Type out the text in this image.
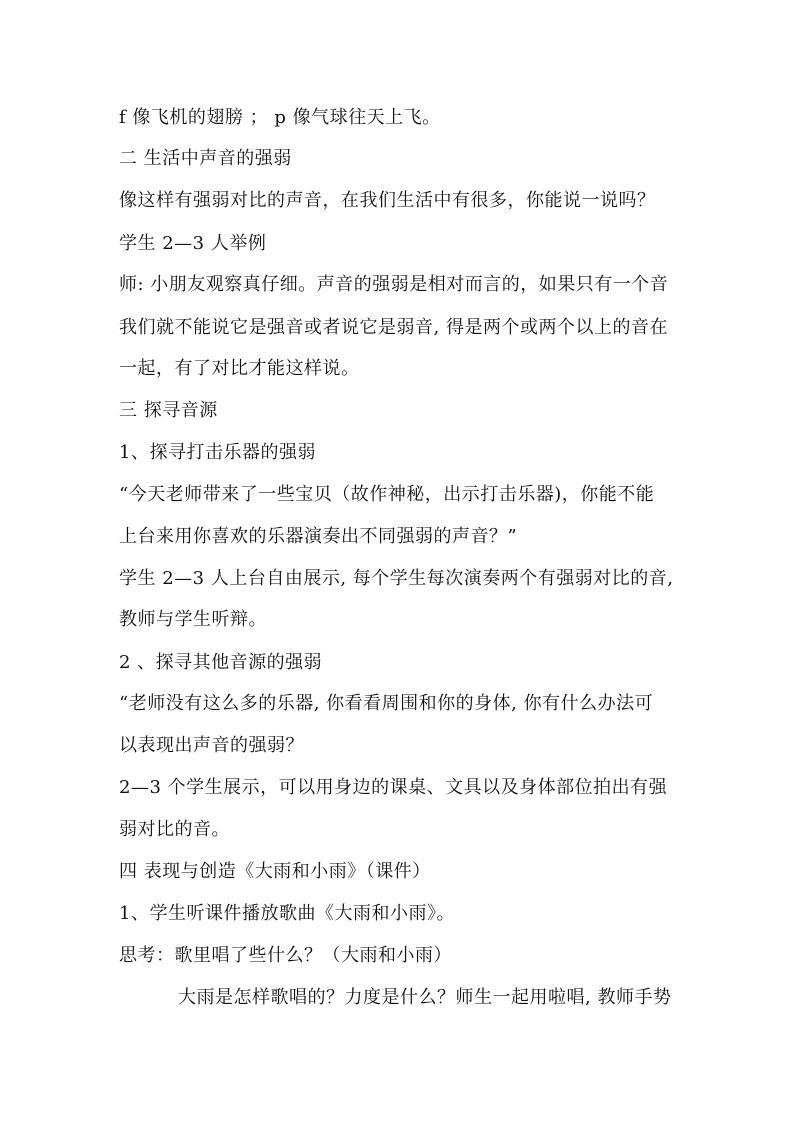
f 像飞机的翅膀 ； p 像气球往天上飞。
二 生活中声音的强弱
像这样有强弱对比的声音，在我们生活中有很多，你能说一说吗？
学生 2—3 人举例
师: 小朋友观察真仔细。声音的强弱是相对而言的，如果只有一个音
我们就不能说它是强音或者说它是弱音, 得是两个或两个以上的音在
一起，有了对比才能这样说。
三 探寻音源
1、探寻打击乐器的强弱
“今天老师带来了一些宝贝（故作神秘，出示打击乐器)，你能不能
上台来用你喜欢的乐器演奏出不同强弱的声音？”
学生 2—3 人上台自由展示, 每个学生每次演奏两个有强弱对比的音,
教师与学生听辩。
2 、探寻其他音源的强弱
“老师没有这么多的乐器, 你看看周围和你的身体, 你有什么办法可
以表现出声音的强弱？
2—3 个学生展示，可以用身边的课桌、文具以及身体部位拍出有强
弱对比的音。
四 表现与创造《大雨和小雨》（课件）
1、学生听课件播放歌曲《大雨和小雨》。
思考：歌里唱了些什么？（大雨和小雨）
大雨是怎样歌唱的？力度是什么？师生一起用啦唱, 教师手势
